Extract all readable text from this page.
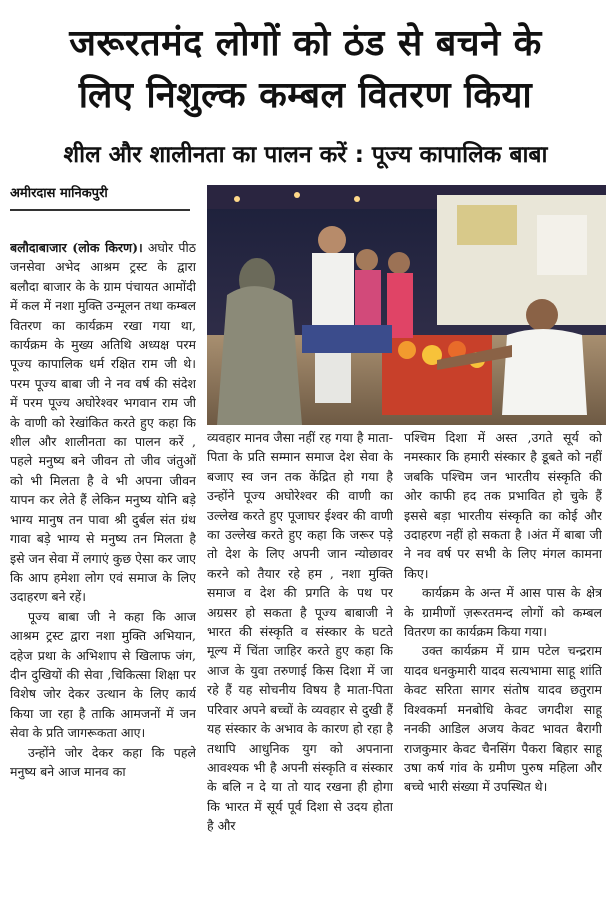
जरूरतमंद लोगों को ठंड से बचने के
लिए निशुल्क कम्बल वितरण किया
शील और शालीनता का पालन करें : पूज्य कापालिक बाबा
अमीरदास मानिकपुरी

बलौदाबाजार (लोक किरण)। अघोर पीठ जनसेवा अभेद आश्रम ट्रस्ट के द्वारा बलौदा बाजार के के ग्राम पंचायत आमोंदी में कल में नशा मुक्ति उन्मूलन तथा कम्बल वितरण का कार्यक्रम रखा गया था, कार्यक्रम के मुख्य अतिथि अध्यक्ष परम पूज्य कापालिक धर्म रक्षित राम जी थे। परम पूज्य बाबा जी ने नव वर्ष की संदेश में परम पूज्य अघोरेश्वर भगवान राम जी के वाणी को रेखांकित करते हुए कहा कि शील और शालीनता का पालन करें , पहले मनुष्य बने जीवन तो जीव जंतुओं को भी मिलता है वे भी अपना जीवन यापन कर लेते हैं लेकिन मनुष्य योनि बड़े भाग्य मानुष तन पावा श्री दुर्बल संत ग्रंथ गावा बड़े भाग्य से मनुष्य तन मिलता है इसे जन सेवा में लगाएं कुछ ऐसा कर जाए कि आप हमेशा लोग एवं समाज के लिए उदाहरण बने रहें।

पूज्य बाबा जी ने कहा कि आज आश्रम ट्रस्ट द्वारा नशा मुक्ति अभियान, दहेज प्रथा के अभिशाप से खिलाफ जंग, दीन दुखियों की सेवा ,चिकित्सा शिक्षा पर विशेष जोर देकर उत्थान के लिए कार्य किया जा रहा है ताकि आमजनों में जन सेवा के प्रति जागरूकता आए।

उन्होंने जोर देकर कहा कि पहले मनुष्य बने आज मानव का

व्यवहार मानव जैसा नहीं रह गया है माता-पिता के प्रति सम्मान समाज देश सेवा के बजाए स्व जन तक केंद्रित हो गया है उन्होंने पूज्य अघोरेश्वर की वाणी का उल्लेख करते हुए पूजाघर ईश्वर की वाणी का उल्लेख करते हुए कहा कि जरूर पड़े तो देश के लिए अपनी जान न्योछावर करने को तैयार रहे हम , नशा मुक्ति समाज व देश की प्रगति के पथ पर अग्रसर हो सकता है पूज्य बाबाजी ने भारत की संस्कृति व संस्कार के घटते मूल्य में चिंता जाहिर करते हुए कहा कि आज के युवा तरुणाई किस दिशा में जा रहे हैं यह सोचनीय विषय है माता-पिता परिवार अपने बच्चों के व्यवहार से दुखी हैं यह संस्कार के अभाव के कारण हो रहा है तथापि आधुनिक युग को अपनाना आवश्यक भी है अपनी संस्कृति व संस्कार के बलि न दे या तो याद रखना ही होगा कि भारत में सूर्य पूर्व दिशा से उदय होता है और

पश्चिम दिशा में अस्त ,उगते सूर्य को नमस्कार कि हमारी संस्कार है डूबते को नहीं जबकि पश्चिम जन भारतीय संस्कृति की ओर काफी हद तक प्रभावित हो चुके हैं इससे बड़ा भारतीय संस्कृति का कोई और उदाहरण नहीं हो सकता है ।अंत में बाबा जी ने नव वर्ष पर सभी के लिए मंगल कामना किए।

कार्यक्रम के अन्त में आस पास के क्षेत्र के ग्रामीणों ज़रूरतमन्द लोगों को कम्बल वितरण का कार्यक्रम किया गया।

उक्त कार्यक्रम में ग्राम पटेल चन्द्रराम यादव धनकुमारी यादव सत्यभामा साहू शांति केवट सरिता सागर संतोष यादव छतुराम विश्वकर्मा मनबोधि केवट जगदीश साहू ननकी आडिल अजय केवट भावत बैरागी राजकुमार केवट चैनसिंग पैकरा बिहार साहू उषा कर्ष गांव के ग्रमीण पुरुष महिला और बच्चे भारी संख्या में उपस्थित थे।
